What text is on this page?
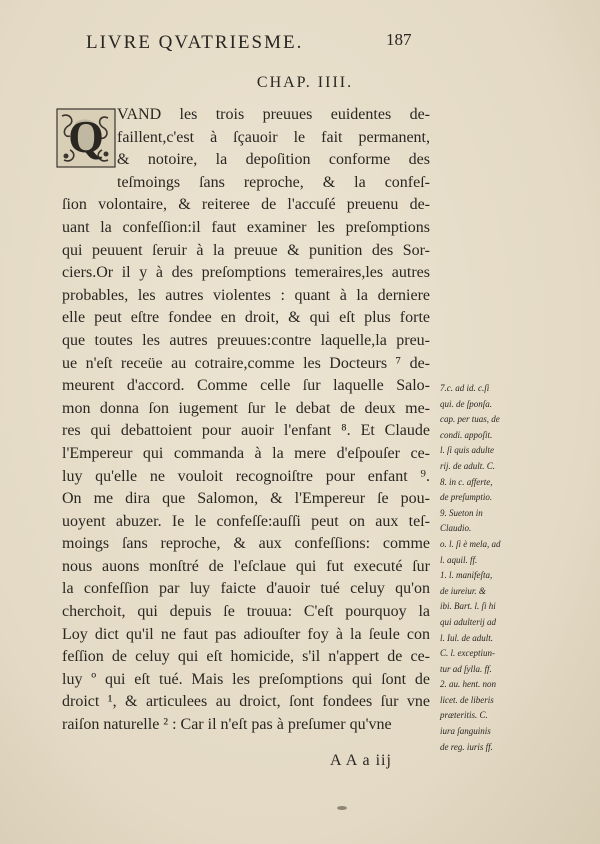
LIVRE QVATRIESME.	187
CHAP. IIII.
Q VAND les trois preuues euidentes de-
faillent,c'est à ſçauoir le fait permanent,
& notoire, la depoſition conforme des
teſmoings ſans reproche, & la confeſ-
ſion volontaire, & reiteree de l'accuſé preuenu de-
uant la confeſſion:il faut examiner les preſomptions
qui peuuent ſeruir à la preuue & punition des Sor-
ciers.Or il y à des preſomptions temeraires,les autres
probables, les autres violentes : quant à la derniere
elle peut eſtre fondee en droit, & qui eſt plus forte
que toutes les autres preuues:contre laquelle,la preu-
ue n'eſt receüe au cotraire,comme les Docteurs ⁷ de-
meurent d'accord. Comme celle ſur laquelle Salo-
mon donna ſon iugement ſur le debat de deux me-
res qui debattoient pour auoir l'enfant ⁸. Et Claude
l'Empereur qui commanda à la mere d'eſpouſer ce-
luy qu'elle ne vouloit recognoiſtre pour enfant ⁹.
On me dira que Salomon, & l'Empereur ſe pou-
uoyent abuzer. Ie le confeſſe:auſſi peut on aux teſ-
moings ſans reproche, & aux confeſſions: comme
nous auons monſtré de l'eſclaue qui fut executé ſur
la confeſſion par luy faicte d'auoir tué celuy qu'on
cherchoit, qui depuis ſe trouua: C'eſt pourquoy la
Loy dict qu'il ne faut pas adiouſter foy à la ſeule con
feſſion de celuy qui eſt homicide, s'il n'appert de ce-
luy º qui eſt tué. Mais les preſomptions qui ſont de
droict ¹, & articulees au droict, ſont fondees ſur vne
raiſon naturelle ² : Car il n'eſt pas à preſumer qu'vne
7.c. ad id. c.ſi
qui. de ſponſa.
cap. per tuas, de
condi. appoſit.
l. ſi quis adulte
rij. de adult. C.
8. in c. afferte,
de preſumptio.
9. Sueton in
Claudio.
o. l. ſi è mela, ad
l. aquil. ff.
1. l. manifeſta,
de iureiur. &
ibi. Bart. l. ſi hi
qui adulterij ad
l. Iul. de adult.
C. l. exceptiun-
tur ad ſylla. ff.
2. au. hent. non
licet. de liberis
præteritis. C.
iura ſanguinis
de reg. iuris ff.
A A a iij
